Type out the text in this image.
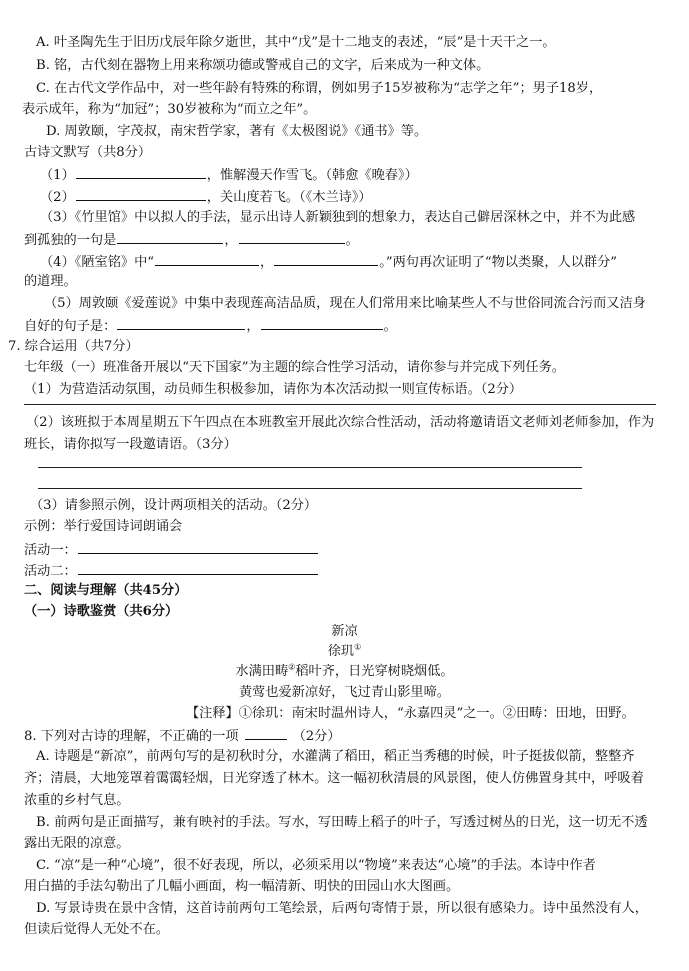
A. 叶圣陶先生于旧历戊辰年除夕逝世，其中“戊”是十二地支的表述，“辰”是十天干之一。
B. 铭，古代刻在器物上用来称颂功德或警戒自己的文字，后来成为一种文体。
C. 在古代文学作品中，对一些年龄有特殊的称谓，例如男子15岁被称为“志学之年”；男子18岁，
表示成年，称为“加冠”；30岁被称为“而立之年”。
D. 周敦颐，字茂叔，南宋哲学家，著有《太极图说》《通书》等。
古诗文默写（共8分）
（1）	，惟解漫天作雪飞。（韩愈《晚春》）
（2）	，关山度若飞。（《木兰诗》）
（3）《竹里馆》中以拟人的手法，显示出诗人新颖独到的想象力，表达自己僻居深林之中，并不为此感
到孤独的一句是	，	。
（4）《陋室铭》中“	，	。”两句再次证明了“物以类聚，人以群分”
的道理。
（5）周敦颐《爱莲说》中集中表现莲高洁品质，现在人们常用来比喻某些人不与世俗同流合污而又洁身
自好的句子是：	，	。
7. 综合运用（共7分）
七年级（一）班准备开展以“天下国家”为主题的综合性学习活动，请你参与并完成下列任务。
（1）为营造活动氛围，动员师生积极参加，请你为本次活动拟一则宣传标语。（2分）
（2）该班拟于本周星期五下午四点在本班教室开展此次综合性活动，活动将邀请语文老师刘老师参加，作为
班长，请你拟写一段邀请语。（3分）
（3）请参照示例，设计两项相关的活动。（2分）
示例：举行爱国诗词朗诵会
活动一：
活动二：
二、阅读与理解（共45分）
（一）诗歌鉴赏（共6分）
新凉
徐玑①
水满田畴②稻叶齐，日光穿树晓烟低。
黄莺也爱新凉好，飞过青山影里啼。
【注释】①徐玑：南宋时温州诗人，“永嘉四灵”之一。②田畴：田地，田野。
8. 下列对古诗的理解，不正确的一项	（2分）
A. 诗题是“新凉”，前两句写的是初秋时分，水灌满了稻田，稻正当秀穗的时候，叶子挺拔似箭，整整齐
齐；清晨，大地笼罩着霭霭轻烟，日光穿透了林木。这一幅初秋清晨的风景图，使人仿佛置身其中，呼吸着
浓重的乡村气息。
B. 前两句是正面描写，兼有映衬的手法。写水，写田畴上稻子的叶子，写透过树丛的日光，这一切无不透
露出无限的凉意。
C. “凉”是一种“心境”，很不好表现，所以，必须采用以“物境”来表达“心境”的手法。本诗中作者
用白描的手法勾勒出了几幅小画面，构一幅清新、明快的田园山水大图画。
D. 写景诗贵在景中含情，这首诗前两句工笔绘景，后两句寄情于景，所以很有感染力。诗中虽然没有人，
但读后觉得人无处不在。
